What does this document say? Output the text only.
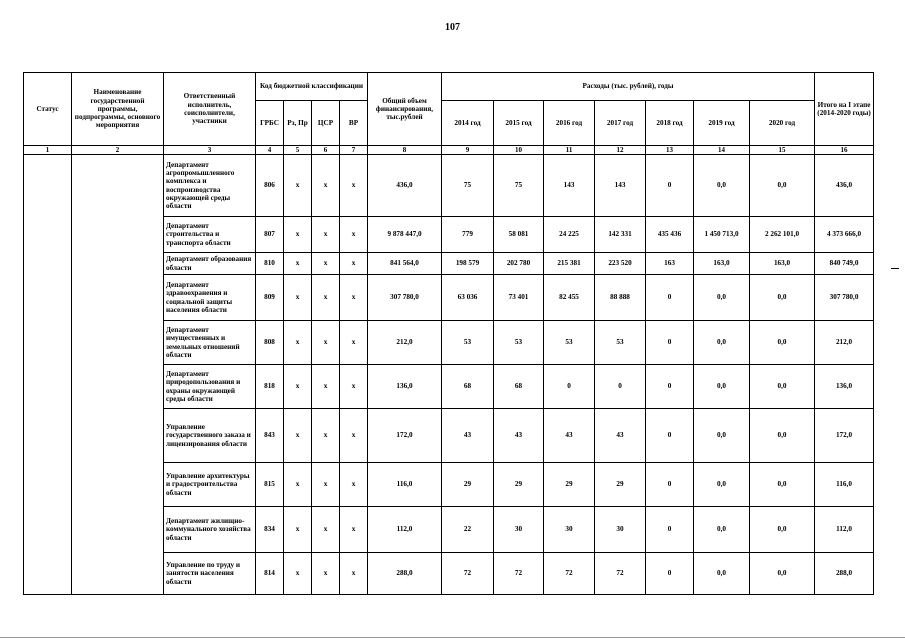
107
Статус	Наименование государственной программы, подпрограммы, основного мероприятия	Ответственный исполнитель, соисполнители, участники	Код бюджетной классификации				Общий объем финансирования, тыс.рублей	Расходы (тыс. рублей), годы							Итого на I этапе (2014-2020 годы)
			ГРБС	Рз, Пр	ЦСР	ВР		2014 год	2015 год	2016 год	2017 год	2018 год	2019 год	2020 год	
1	2	3	4	5	6	7	8	9	10	11	12	13	14	15	16
		Департамент агропромышленного комплекса и воспроизводства окружающей среды области	806	х	х	х	436,0	75	75	143	143	0	0,0	0,0	436,0
		Департамент строительства и транспорта области	807	х	х	х	9 878 447,0	779	58 081	24 225	142 331	435 436	1 450 713,0	2 262 101,0	4 373 666,0
		Департамент образования области	810	х	х	х	841 564,0	198 579	202 780	215 381	223 520	163	163,0	163,0	840 749,0
		Департамент здравоохранения и социальной защиты населения области	809	х	х	х	307 780,0	63 036	73 401	82 455	88 888	0	0,0	0,0	307 780,0
		Департамент имущественных и земельных отношений области	808	х	х	х	212,0	53	53	53	53	0	0,0	0,0	212,0
		Департамент природопользования и охраны окружающей среды области	818	х	х	х	136,0	68	68	0	0	0	0,0	0,0	136,0
		Управление государственного заказа и лицензирования области	843	х	х	х	172,0	43	43	43	43	0	0,0	0,0	172,0
		Управление архитектуры и градостроительства области	815	х	х	х	116,0	29	29	29	29	0	0,0	0,0	116,0
		Департамент жилищно-коммунального хозяйства области	834	х	х	х	112,0	22	30	30	30	0	0,0	0,0	112,0
		Управление по труду и занятости населения области	814	х	х	х	288,0	72	72	72	72	0	0,0	0,0	288,0
